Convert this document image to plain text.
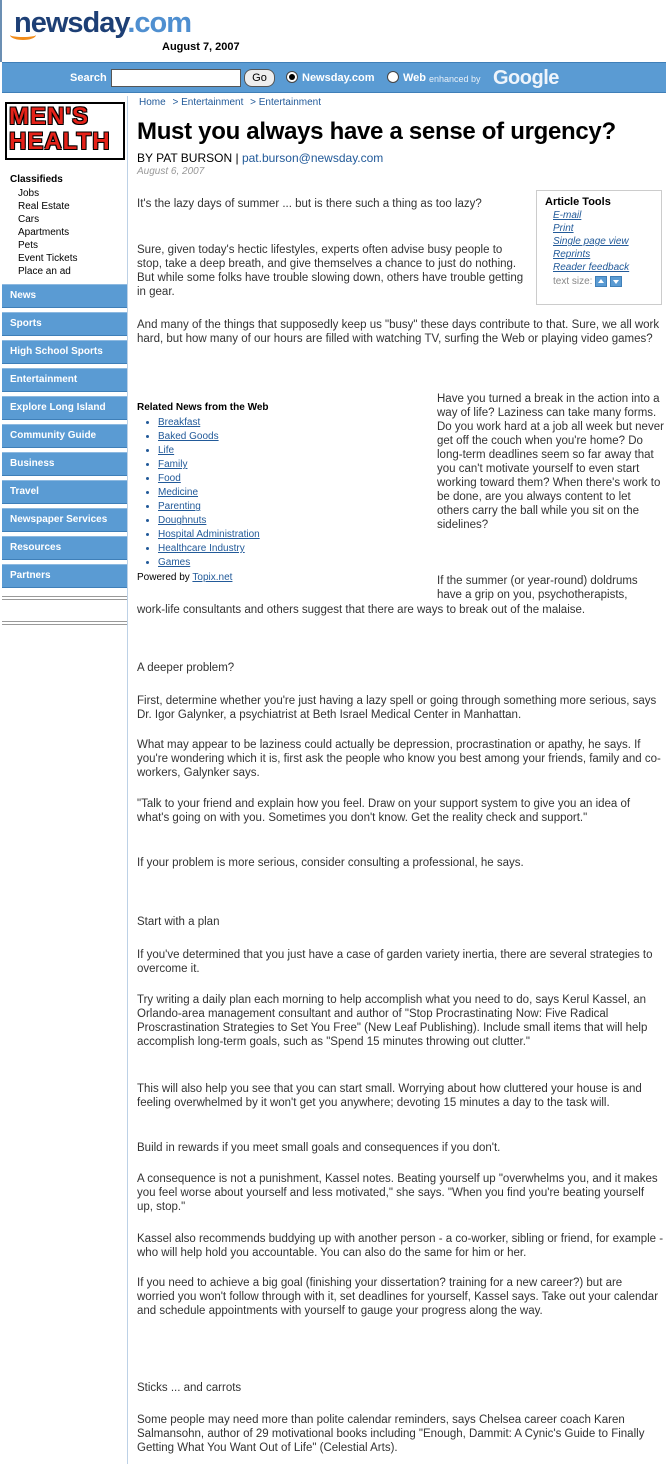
newsday.com
August 7, 2007
Search	Go	Newsday.com	Web enhanced by Google
MEN'S
HEALTH
Classifieds
Jobs
Real Estate
Cars
Apartments
Pets
Event Tickets
Place an ad
News
Sports
High School Sports
Entertainment
Explore Long Island
Community Guide
Business
Travel
Newspaper Services
Resources
Partners
Home > Entertainment > Entertainment
Must you always have a sense of urgency?
BY PAT BURSON | pat.burson@newsday.com
August 6, 2007
Article Tools
E-mail
Print
Single page view
Reprints
Reader feedback
text size:
It's the lazy days of summer ... but is there such a thing as too lazy?
Sure, given today's hectic lifestyles, experts often advise busy people to stop, take a deep breath, and give themselves a chance to just do nothing. But while some folks have trouble slowing down, others have trouble getting in gear.
And many of the things that supposedly keep us "busy" these days contribute to that. Sure, we all work hard, but how many of our hours are filled with watching TV, surfing the Web or playing video games?
Related News from the Web
• Breakfast
• Baked Goods
• Life
• Family
• Food
• Medicine
• Parenting
• Doughnuts
• Hospital Administration
• Healthcare Industry
• Games
Powered by Topix.net
Have you turned a break in the action into a way of life? Laziness can take many forms. Do you work hard at a job all week but never get off the couch when you're home? Do long-term deadlines seem so far away that you can't motivate yourself to even start working toward them? When there's work to be done, are you always content to let others carry the ball while you sit on the sidelines?
If the summer (or year-round) doldrums have a grip on you, psychotherapists,
work-life consultants and others suggest that there are ways to break out of the malaise.
A deeper problem?
First, determine whether you're just having a lazy spell or going through something more serious, says Dr. Igor Galynker, a psychiatrist at Beth Israel Medical Center in Manhattan.
What may appear to be laziness could actually be depression, procrastination or apathy, he says. If you're wondering which it is, first ask the people who know you best among your friends, family and co-workers, Galynker says.
"Talk to your friend and explain how you feel. Draw on your support system to give you an idea of what's going on with you. Sometimes you don't know. Get the reality check and support."
If your problem is more serious, consider consulting a professional, he says.
Start with a plan
If you've determined that you just have a case of garden variety inertia, there are several strategies to overcome it.
Try writing a daily plan each morning to help accomplish what you need to do, says Kerul Kassel, an Orlando-area management consultant and author of "Stop Procrastinating Now: Five Radical Proscrastination Strategies to Set You Free" (New Leaf Publishing). Include small items that will help accomplish long-term goals, such as "Spend 15 minutes throwing out clutter."
This will also help you see that you can start small. Worrying about how cluttered your house is and feeling overwhelmed by it won't get you anywhere; devoting 15 minutes a day to the task will.
Build in rewards if you meet small goals and consequences if you don't.
A consequence is not a punishment, Kassel notes. Beating yourself up "overwhelms you, and it makes you feel worse about yourself and less motivated," she says. "When you find you're beating yourself up, stop."
Kassel also recommends buddying up with another person - a co-worker, sibling or friend, for example - who will help hold you accountable. You can also do the same for him or her.
If you need to achieve a big goal (finishing your dissertation? training for a new career?) but are worried you won't follow through with it, set deadlines for yourself, Kassel says. Take out your calendar and schedule appointments with yourself to gauge your progress along the way.
Sticks ... and carrots
Some people may need more than polite calendar reminders, says Chelsea career coach Karen Salmansohn, author of 29 motivational books including "Enough, Dammit: A Cynic's Guide to Finally Getting What You Want Out of Life" (Celestial Arts).
